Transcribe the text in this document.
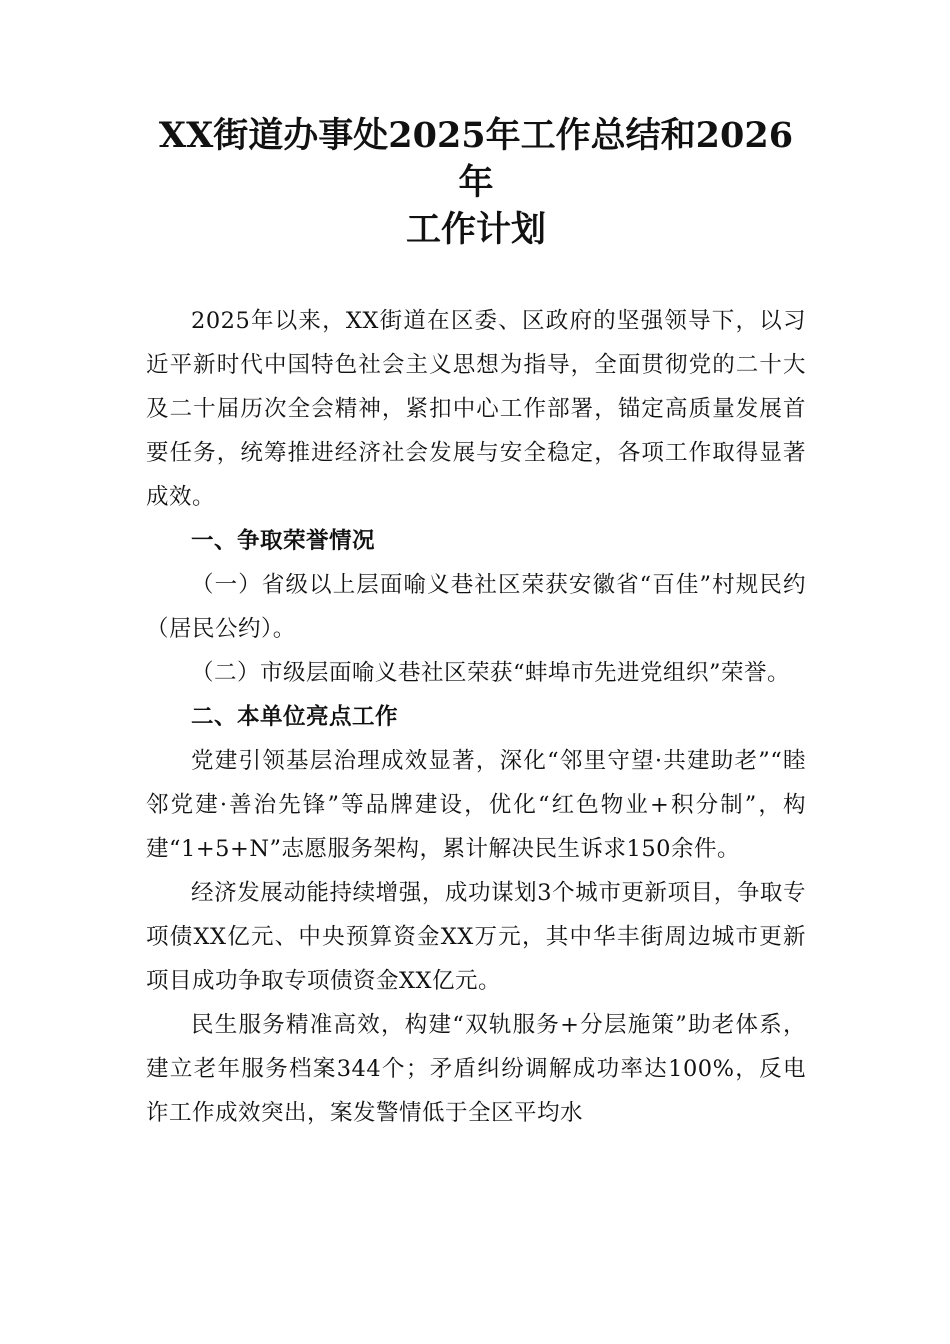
XX街道办事处2025年工作总结和2026年
工作计划

2025年以来，XX街道在区委、区政府的坚强领导下，以习近平新时代中国特色社会主义思想为指导，全面贯彻党的二十大及二十届历次全会精神，紧扣中心工作部署，锚定高质量发展首要任务，统筹推进经济社会发展与安全稳定，各项工作取得显著成效。

一、争取荣誉情况

（一）省级以上层面喻义巷社区荣获安徽省“百佳”村规民约（居民公约）。

（二）市级层面喻义巷社区荣获“蚌埠市先进党组织”荣誉。

二、本单位亮点工作

党建引领基层治理成效显著，深化“邻里守望·共建助老”“睦邻党建·善治先锋”等品牌建设，优化“红色物业+积分制”，构建“1+5+N”志愿服务架构，累计解决民生诉求150余件。

经济发展动能持续增强，成功谋划3个城市更新项目，争取专项债XX亿元、中央预算资金XX万元，其中华丰街周边城市更新项目成功争取专项债资金XX亿元。

民生服务精准高效，构建“双轨服务+分层施策”助老体系，建立老年服务档案344个；矛盾纠纷调解成功率达100%，反电诈工作成效突出，案发警情低于全区平均水
